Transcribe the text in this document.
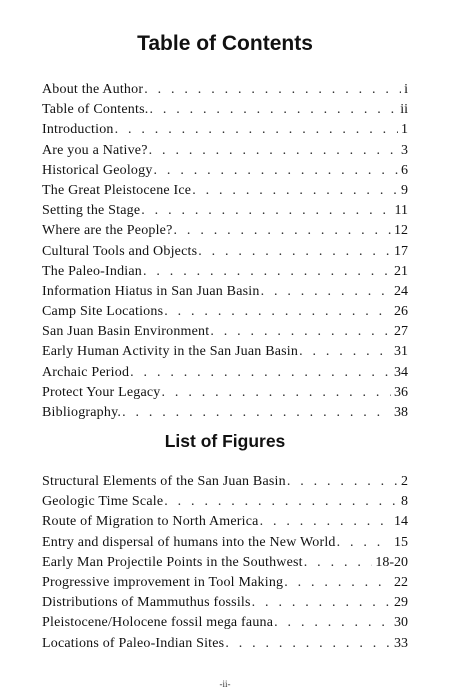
Table of Contents
About the Author . . .	i
Table of Contents. . . .	ii
Introduction . . .	1
Are you a Native? . . .	3
Historical Geology . . .	6
The Great Pleistocene Ice . . .	9
Setting the Stage . . .	11
Where are the People? . . .	12
Cultural Tools and Objects . . .	17
The Paleo-Indian . . .	21
Information Hiatus in San Juan Basin . . .	24
Camp Site Locations . . .	26
San Juan Basin Environment . . .	27
Early Human Activity in the San Juan Basin . . .	31
Archaic Period . . .	34
Protect Your Legacy . . .	36
Bibliography. . . .	38
List of Figures
Structural Elements of the San Juan Basin . . .	2
Geologic Time Scale . . .	8
Route of Migration to North America . . .	14
Entry and dispersal of humans into the New World . . .	15
Early Man Projectile Points in the Southwest . . .	18-20
Progressive improvement in Tool Making . . .	22
Distributions of Mammuthus fossils . . .	29
Pleistocene/Holocene fossil mega fauna . . .	30
Locations of Paleo-Indian Sites . . .	33
-ii-
